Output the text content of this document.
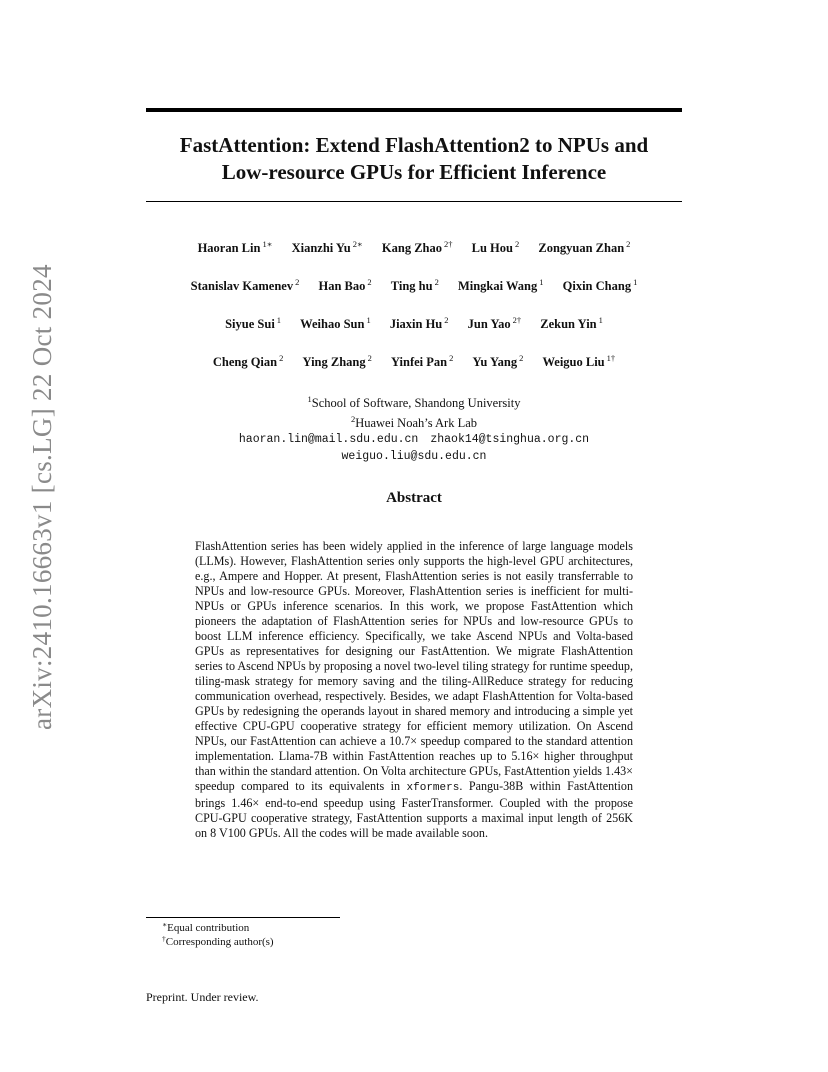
arXiv:2410.16663v1 [cs.LG] 22 Oct 2024
FastAttention: Extend FlashAttention2 to NPUs and
Low-resource GPUs for Efficient Inference
Haoran Lin $^{1∗}$ Xianzhi Yu $^{2∗}$ Kang Zhao $^{2\dagger}$ Lu Hou $^2$ Zongyuan Zhan $^2$
Stanislav Kamenev $^2$ Han Bao $^2$ Ting hu $^2$ Mingkai Wang $^1$ Qixin Chang $^1$
Siyue Sui $^1$ Weihao Sun $^1$ Jiaxin Hu $^2$ Jun Yao $^{2\dagger}$ Zekun Yin $^1$
Cheng Qian $^2$ Ying Zhang $^2$ Yinfei Pan $^2$ Yu Yang $^2$ Weiguo Liu $^{1\dagger}$
$^1$School of Software, Shandong University
$^2$Huawei Noah’s Ark Lab
haoran.lin@mail.sdu.edu.cn zhaok14@tsinghua.org.cn
weiguo.liu@sdu.edu.cn
Abstract

FlashAttention series has been widely applied in the inference of large language models (LLMs). However, FlashAttention series only supports the high-level GPU architectures, e.g., Ampere and Hopper. At present, FlashAttention series is not easily transferrable to NPUs and low-resource GPUs. Moreover, FlashAttention series is inefficient for multi- NPUs or GPUs inference scenarios. In this work, we propose FastAttention which pioneers the adaptation of FlashAttention series for NPUs and low-resource GPUs to boost LLM inference efficiency. Specifically, we take Ascend NPUs and Volta-based GPUs as representatives for designing our FastAttention. We migrate FlashAttention series to Ascend NPUs by proposing a novel two-level tiling strategy for runtime speedup, tiling-mask strategy for memory saving and the tiling-AllReduce strategy for reducing communication overhead, respectively. Besides, we adapt FlashAttention for Volta-based GPUs by redesigning the operands layout in shared memory and introducing a simple yet effective CPU-GPU cooperative strategy for efficient memory utilization. On Ascend NPUs, our FastAttention can achieve a 10.7× speedup compared to the standard attention implementation. Llama-7B within FastAttention reaches up to 5.16× higher throughput than within the standard attention. On Volta architecture GPUs, FastAttention yields 1.43× speedup compared to its equivalents in xformers. Pangu-38B within FastAttention brings 1.46× end-to-end speedup using FasterTransformer. Coupled with the propose CPU-GPU cooperative strategy, FastAttention supports a maximal input length of 256K on 8 V100 GPUs. All the codes will be made available soon.

∗Equal contribution
†Corresponding author(s)
Preprint. Under review.
